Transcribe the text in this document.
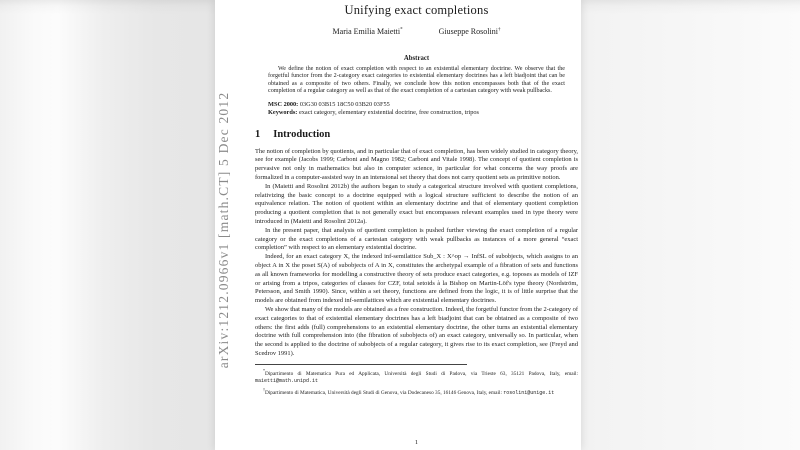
Unifying exact completions
Maria Emilia Maietti*	Giuseppe Rosolini†
Abstract

We define the notion of exact completion with respect to an existential elementary doctrine. We observe that the forgetful functor from the 2-category exact categories to existential elementary doctrines has a left biadjoint that can be obtained as a composite of two others. Finally, we conclude how this notion encompasses both that of the exact completion of a regular category as well as that of the exact completion of a cartesian category with weak pullbacks.

MSC 2000: 03G30 03B15 18C50 03B20 03F55

Keywords: exact category, elementary existential doctrine, free construction, tripos

1 Introduction

The notion of completion by quotients, and in particular that of exact completion, has been widely studied in category theory, see for example (Jacobs 1999; Carboni and Magno 1982; Carboni and Vitale 1998). The concept of quotient completion is pervasive not only in mathematics but also in computer science, in particular for what concerns the way proofs are formalized in a computer-assisted way in an intensional set theory that does not carry quotient sets as primitive notion.

In (Maietti and Rosolini 2012b) the authors began to study a categorical structure involved with quotient completions, relativizing the basic concept to a doctrine equipped with a logical structure sufficient to describe the notion of an equivalence relation. The notion of quotient within an elementary doctrine and that of elementary quotient completion producing a quotient completion that is not generally exact but encompasses relevant examples used in type theory were introduced in (Maietti and Rosolini 2012a).

In the present paper, that analysis of quotient completion is pushed further viewing the exact completion of a regular category or the exact completions of a cartesian category with weak pullbacks as instances of a more general “exact completion” with respect to an elementary existential doctrine.

Indeed, for an exact category X, the indexed inf-semilattice Sub_X : X^op → InfSL of subobjects, which assigns to an object A in X the poset S(A) of subobjects of A in X, constitutes the archetypal example of a fibration of sets and functions as all known frameworks for modelling a constructive theory of sets produce exact categories, e.g. toposes as models of IZF or arising from a tripos, categories of classes for CZF, total setoids à la Bishop on Martin-Löf's type theory (Nordström, Petersson, and Smith 1990). Since, within a set theory, functions are defined from the logic, it is of little surprise that the models are obtained from indexed inf-semilattices which are existential elementary doctrines.

We show that many of the models are obtained as a free construction. Indeed, the forgetful functor from the 2-category of exact categories to that of existential elementary doctrines has a left biadjoint that can be obtained as a composite of two others: the first adds (full) comprehensions to an existential elementary doctrine, the other turns an existential elementary doctrine with full comprehension into (the fibration of subobjects of) an exact category, universally so. In particular, when the second is applied to the doctrine of subobjects of a regular category, it gives rise to its exact completion, see (Freyd and Scedrov 1991).

*Dipartimento di Matematica Pura ed Applicata, Università degli Studi di Padova, via Trieste 63, 35121 Padova, Italy, email: maietti@math.unipd.it

†Dipartimento di Matematica, Università degli Studi di Genova, via Dodecaneso 35, 16146 Genova, Italy, email: rosolini@unige.it

1
arXiv:1212.0966v1 [math.CT] 5 Dec 2012
